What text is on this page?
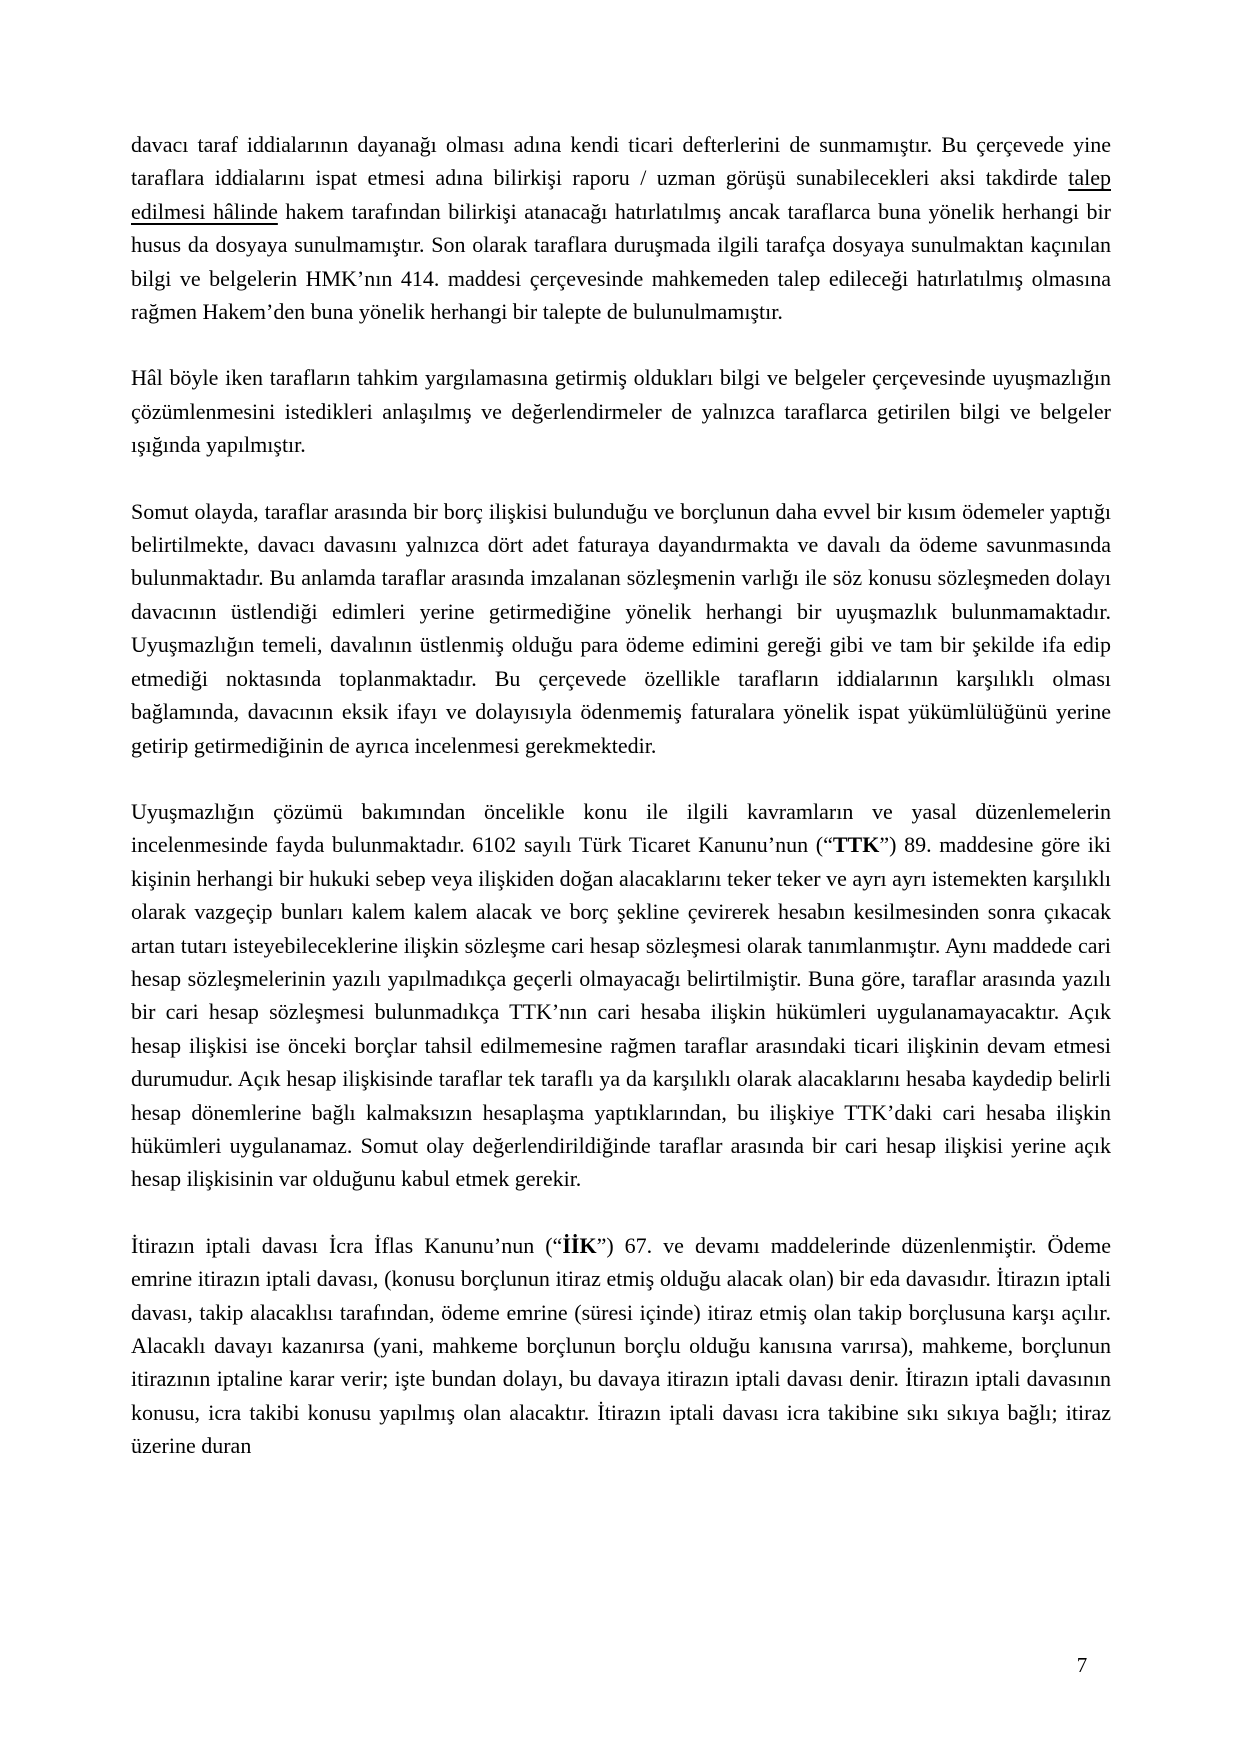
davacı taraf iddialarının dayanağı olması adına kendi ticari defterlerini de sunmamıştır. Bu çerçevede yine taraflara iddialarını ispat etmesi adına bilirkişi raporu / uzman görüşü sunabilecekleri aksi takdirde talep edilmesi hâlinde hakem tarafından bilirkişi atanacağı hatırlatılmış ancak taraflarca buna yönelik herhangi bir husus da dosyaya sunulmamıştır. Son olarak taraflara duruşmada ilgili tarafça dosyaya sunulmaktan kaçınılan bilgi ve belgelerin HMK’nın 414. maddesi çerçevesinde mahkemeden talep edileceği hatırlatılmış olmasına rağmen Hakem’den buna yönelik herhangi bir talepte de bulunulmamıştır.

Hâl böyle iken tarafların tahkim yargılamasına getirmiş oldukları bilgi ve belgeler çerçevesinde uyuşmazlığın çözümlenmesini istedikleri anlaşılmış ve değerlendirmeler de yalnızca taraflarca getirilen bilgi ve belgeler ışığında yapılmıştır.

Somut olayda, taraflar arasında bir borç ilişkisi bulunduğu ve borçlunun daha evvel bir kısım ödemeler yaptığı belirtilmekte, davacı davasını yalnızca dört adet faturaya dayandırmakta ve davalı da ödeme savunmasında bulunmaktadır. Bu anlamda taraflar arasında imzalanan sözleşmenin varlığı ile söz konusu sözleşmeden dolayı davacının üstlendiği edimleri yerine getirmediğine yönelik herhangi bir uyuşmazlık bulunmamaktadır. Uyuşmazlığın temeli, davalının üstlenmiş olduğu para ödeme edimini gereği gibi ve tam bir şekilde ifa edip etmediği noktasında toplanmaktadır. Bu çerçevede özellikle tarafların iddialarının karşılıklı olması bağlamında, davacının eksik ifayı ve dolayısıyla ödenmemiş faturalara yönelik ispat yükümlülüğünü yerine getirip getirmediğinin de ayrıca incelenmesi gerekmektedir.

Uyuşmazlığın çözümü bakımından öncelikle konu ile ilgili kavramların ve yasal düzenlemelerin incelenmesinde fayda bulunmaktadır. 6102 sayılı Türk Ticaret Kanunu’nun (“TTK”) 89. maddesine göre iki kişinin herhangi bir hukuki sebep veya ilişkiden doğan alacaklarını teker teker ve ayrı ayrı istemekten karşılıklı olarak vazgeçip bunları kalem kalem alacak ve borç şekline çevirerek hesabın kesilmesinden sonra çıkacak artan tutarı isteyebileceklerine ilişkin sözleşme cari hesap sözleşmesi olarak tanımlanmıştır. Aynı maddede cari hesap sözleşmelerinin yazılı yapılmadıkça geçerli olmayacağı belirtilmiştir. Buna göre, taraflar arasında yazılı bir cari hesap sözleşmesi bulunmadıkça TTK’nın cari hesaba ilişkin hükümleri uygulanamayacaktır. Açık hesap ilişkisi ise önceki borçlar tahsil edilmemesine rağmen taraflar arasındaki ticari ilişkinin devam etmesi durumudur. Açık hesap ilişkisinde taraflar tek taraflı ya da karşılıklı olarak alacaklarını hesaba kaydedip belirli hesap dönemlerine bağlı kalmaksızın hesaplaşma yaptıklarından, bu ilişkiye TTK’daki cari hesaba ilişkin hükümleri uygulanamaz. Somut olay değerlendirildiğinde taraflar arasında bir cari hesap ilişkisi yerine açık hesap ilişkisinin var olduğunu kabul etmek gerekir.

İtirazın iptali davası İcra İflas Kanunu’nun (“İİK”) 67. ve devamı maddelerinde düzenlenmiştir. Ödeme emrine itirazın iptali davası, (konusu borçlunun itiraz etmiş olduğu alacak olan) bir eda davasıdır. İtirazın iptali davası, takip alacaklısı tarafından, ödeme emrine (süresi içinde) itiraz etmiş olan takip borçlusuna karşı açılır. Alacaklı davayı kazanırsa (yani, mahkeme borçlunun borçlu olduğu kanısına varırsa), mahkeme, borçlunun itirazının iptaline karar verir; işte bundan dolayı, bu davaya itirazın iptali davası denir. İtirazın iptali davasının konusu, icra takibi konusu yapılmış olan alacaktır. İtirazın iptali davası icra takibine sıkı sıkıya bağlı; itiraz üzerine duran

7
